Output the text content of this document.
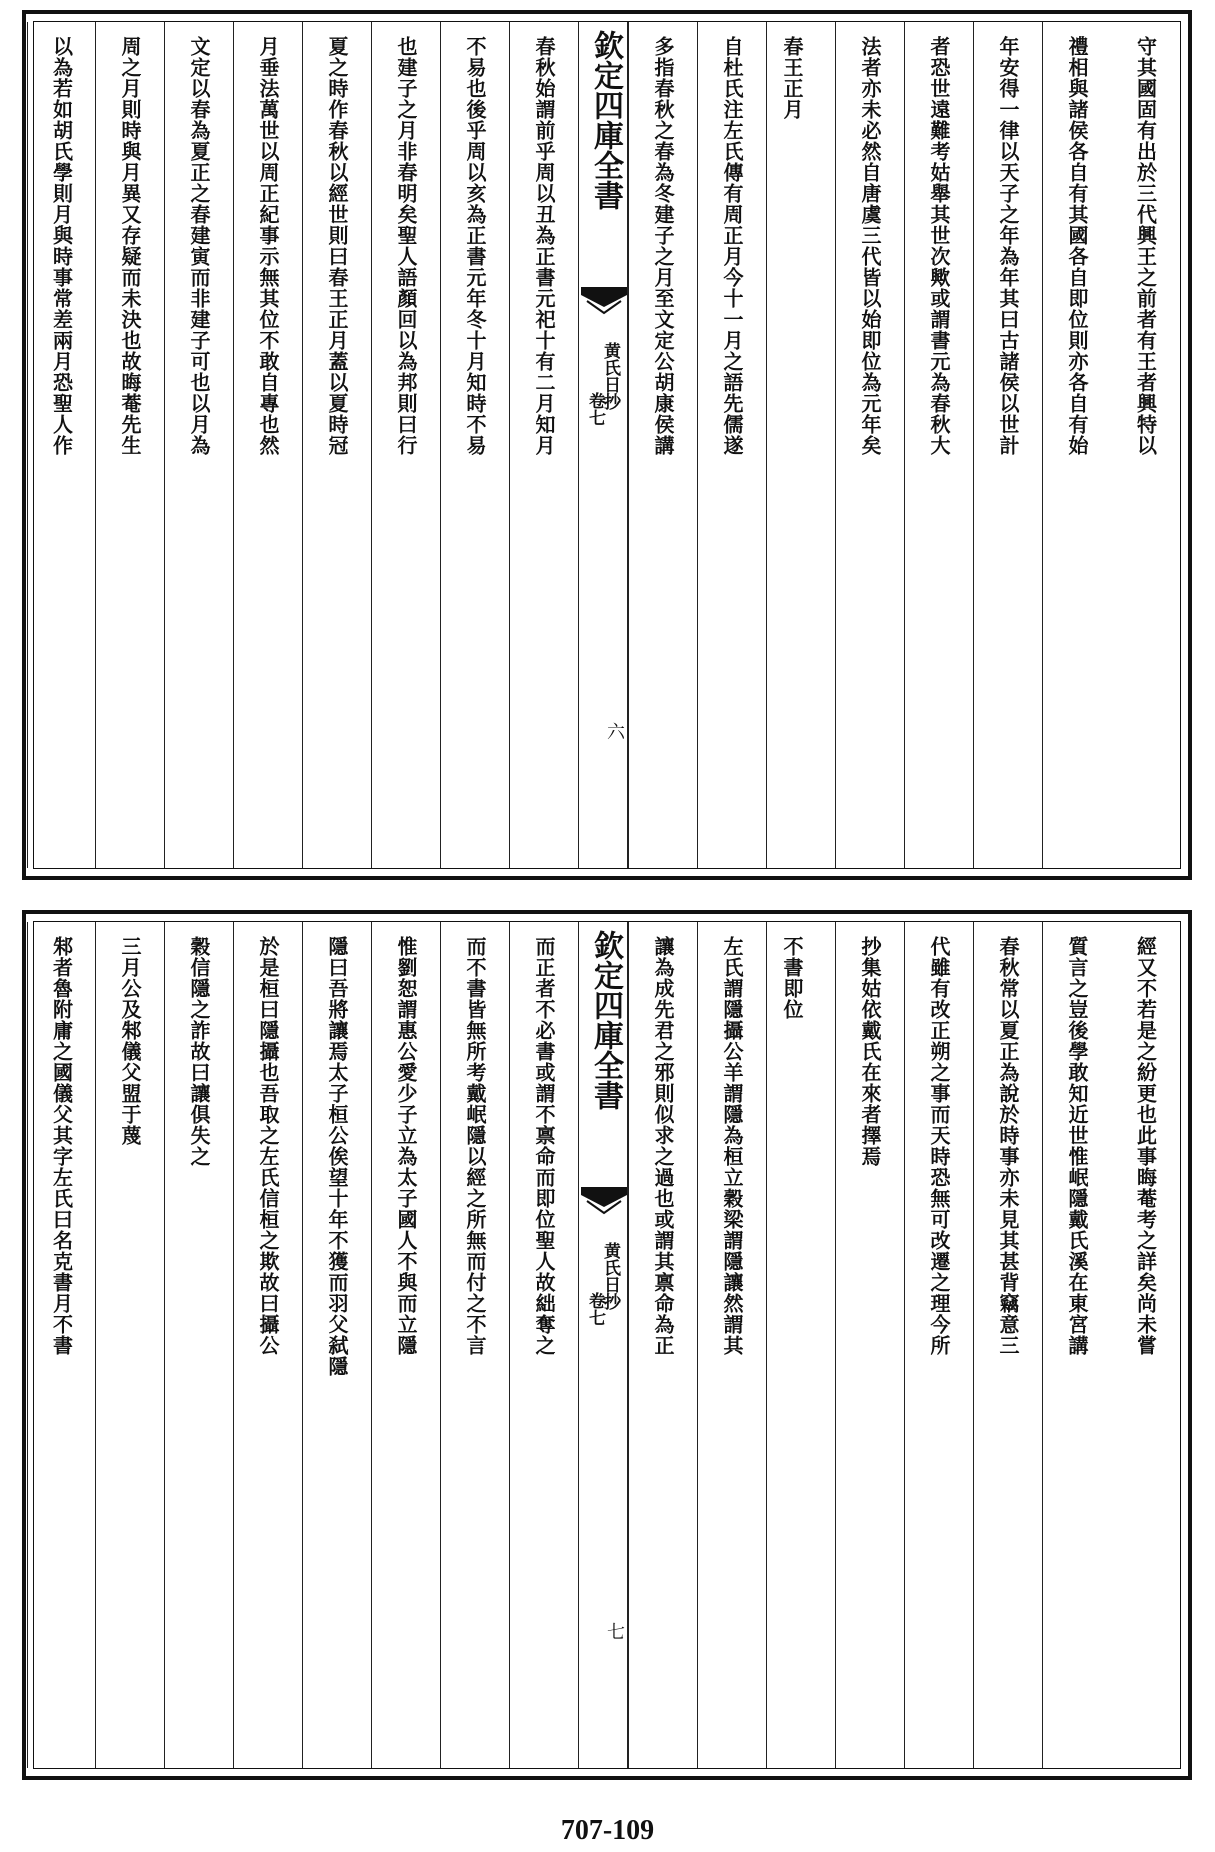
守其國固有出於三代興王之前者有王者興特以
禮相與諸侯各自有其國各自即位則亦各自有始
年安得一律以天子之年為年其曰古諸侯以世計
者恐世遠難考姑舉其世次歟或謂書元為春秋大
法者亦未必然自唐虞三代皆以始即位為元年矣
春王正月
自杜氏注左氏傳有周正月今十一月之語先儒遂
多指春秋之春為冬建子之月至文定公胡康侯講
欽定四庫全書
黄氏日抄
卷七
六
春秋始謂前乎周以丑為正書元祀十有二月知月
不易也後乎周以亥為正書元年冬十月知時不易
也建子之月非春明矣聖人語顏回以為邦則曰行
夏之時作春秋以經世則曰春王正月蓋以夏時冠
月垂法萬世以周正紀事示無其位不敢自專也然
文定以春為夏正之春建寅而非建子可也以月為
周之月則時與月異又存疑而未決也故晦菴先生
以為若如胡氏學則月與時事常差兩月恐聖人作
經又不若是之紛更也此事晦菴考之詳矣尚未嘗
質言之豈後學敢知近世惟岷隱戴氏溪在東宮講
春秋常以夏正為說於時事亦未見其甚背竊意三
代雖有改正朔之事而天時恐無可改遷之理今所
抄集姑依戴氏在來者擇焉
不書即位
左氏謂隱攝公羊謂隱為桓立穀梁謂隱讓然謂其
讓為成先君之邪則似求之過也或謂其禀命為正
欽定四庫全書
黄氏日抄
卷七
七
而正者不必書或謂不禀命而即位聖人故絀奪之
而不書皆無所考戴岷隱以經之所無而付之不言
惟劉恕謂惠公愛少子立為太子國人不與而立隱
隱曰吾將讓焉太子桓公俟望十年不獲而羽父弑隱
於是桓曰隱攝也吾取之左氏信桓之欺故曰攝公
穀信隱之詐故曰讓俱失之
三月公及邾儀父盟于蔑
邾者魯附庸之國儀父其字左氏曰名克書月不書
707-109
